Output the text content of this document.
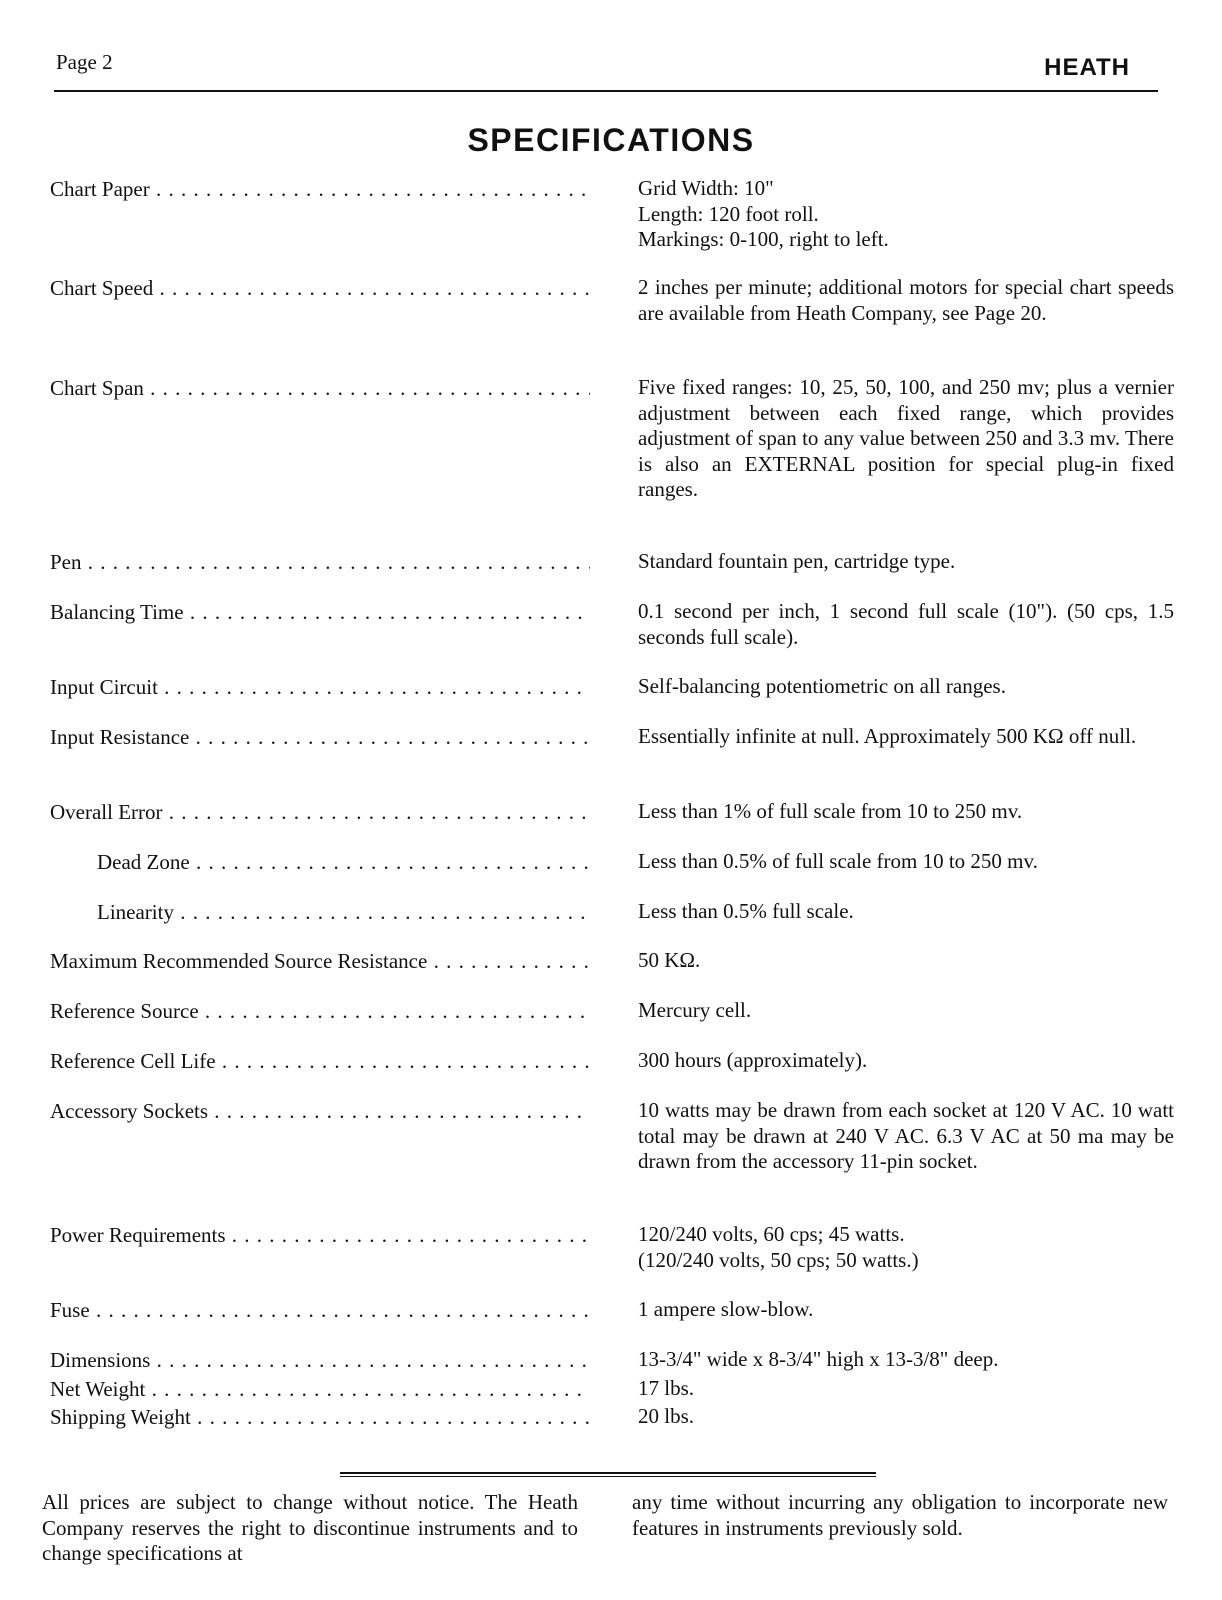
Page 2	HEATH
SPECIFICATIONS
Chart Paper . . .	Grid Width: 10"
Length: 120 foot roll.
Markings: 0-100, right to left.
Chart Speed . . .	2 inches per minute; additional motors for special chart speeds are available from Heath Company, see Page 20.
Chart Span . . .	Five fixed ranges: 10, 25, 50, 100, and 250 mv; plus a vernier adjustment between each fixed range, which provides adjustment of span to any value between 250 and 3.3 mv. There is also an EXTERNAL position for special plug-in fixed ranges.
Pen . . .	Standard fountain pen, cartridge type.
Balancing Time . . .	0.1 second per inch, 1 second full scale (10"). (50 cps, 1.5 seconds full scale).
Input Circuit . . .	Self-balancing potentiometric on all ranges.
Input Resistance . . .	Essentially infinite at null. Approximately 500 KΩ off null.
Overall Error . . .	Less than 1% of full scale from 10 to 250 mv.
Dead Zone . . .	Less than 0.5% of full scale from 10 to 250 mv.
Linearity . . .	Less than 0.5% full scale.
Maximum Recommended Source Resistance . . .	50 KΩ.
Reference Source . . .	Mercury cell.
Reference Cell Life . . .	300 hours (approximately).
Accessory Sockets . . .	10 watts may be drawn from each socket at 120 V AC. 10 watt total may be drawn at 240 V AC. 6.3 V AC at 50 ma may be drawn from the accessory 11-pin socket.
Power Requirements . . .	120/240 volts, 60 cps; 45 watts.
(120/240 volts, 50 cps; 50 watts.)
Fuse . . .	1 ampere slow-blow.
Dimensions . . .	13-3/4" wide x 8-3/4" high x 13-3/8" deep.
Net Weight . . .	17 lbs.
Shipping Weight . . .	20 lbs.
All prices are subject to change without notice. The Heath Company reserves the right to discontinue instruments and to change specifications at
any time without incurring any obligation to incorporate new features in instruments previously sold.
